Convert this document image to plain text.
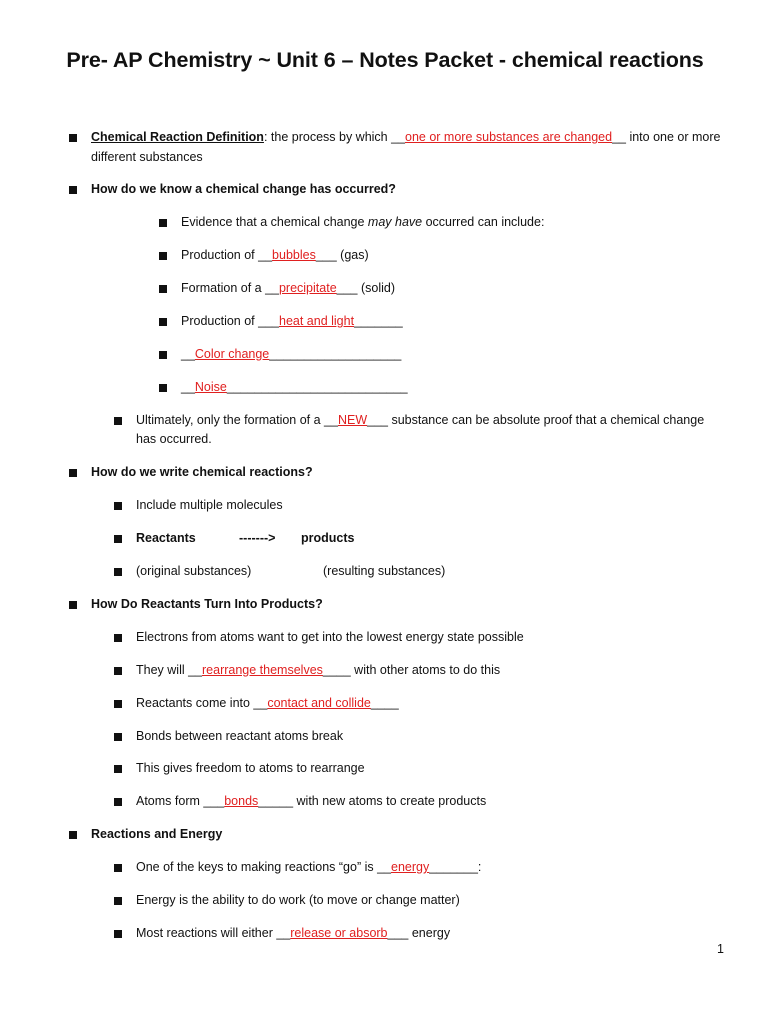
Pre- AP Chemistry ~ Unit 6 – Notes Packet - chemical reactions
Chemical Reaction Definition: the process by which __one or more substances are changed__ into one or more
different substances
How do we know a chemical change has occurred?
Evidence that a chemical change may have occurred can include:
Production of __bubbles___ (gas)
Formation of a __precipitate___ (solid)
Production of ___heat and light_______
__Color change___________________
__Noise__________________________
Ultimately, only the formation of a __NEW___ substance can be absolute proof that a chemical change
has occurred.
How do we write chemical reactions?
Include multiple molecules
Reactants	-------> products
(original substances)	(resulting substances)
How Do Reactants Turn Into Products?
Electrons from atoms want to get into the lowest energy state possible
They will __rearrange themselves____ with other atoms to do this
Reactants come into __contact and collide____
Bonds between reactant atoms break
This gives freedom to atoms to rearrange
Atoms form ___bonds_____ with new atoms to create products
Reactions and Energy
One of the keys to making reactions “go” is __energy_______:
Energy is the ability to do work (to move or change matter)
Most reactions will either __release or absorb___ energy
1
